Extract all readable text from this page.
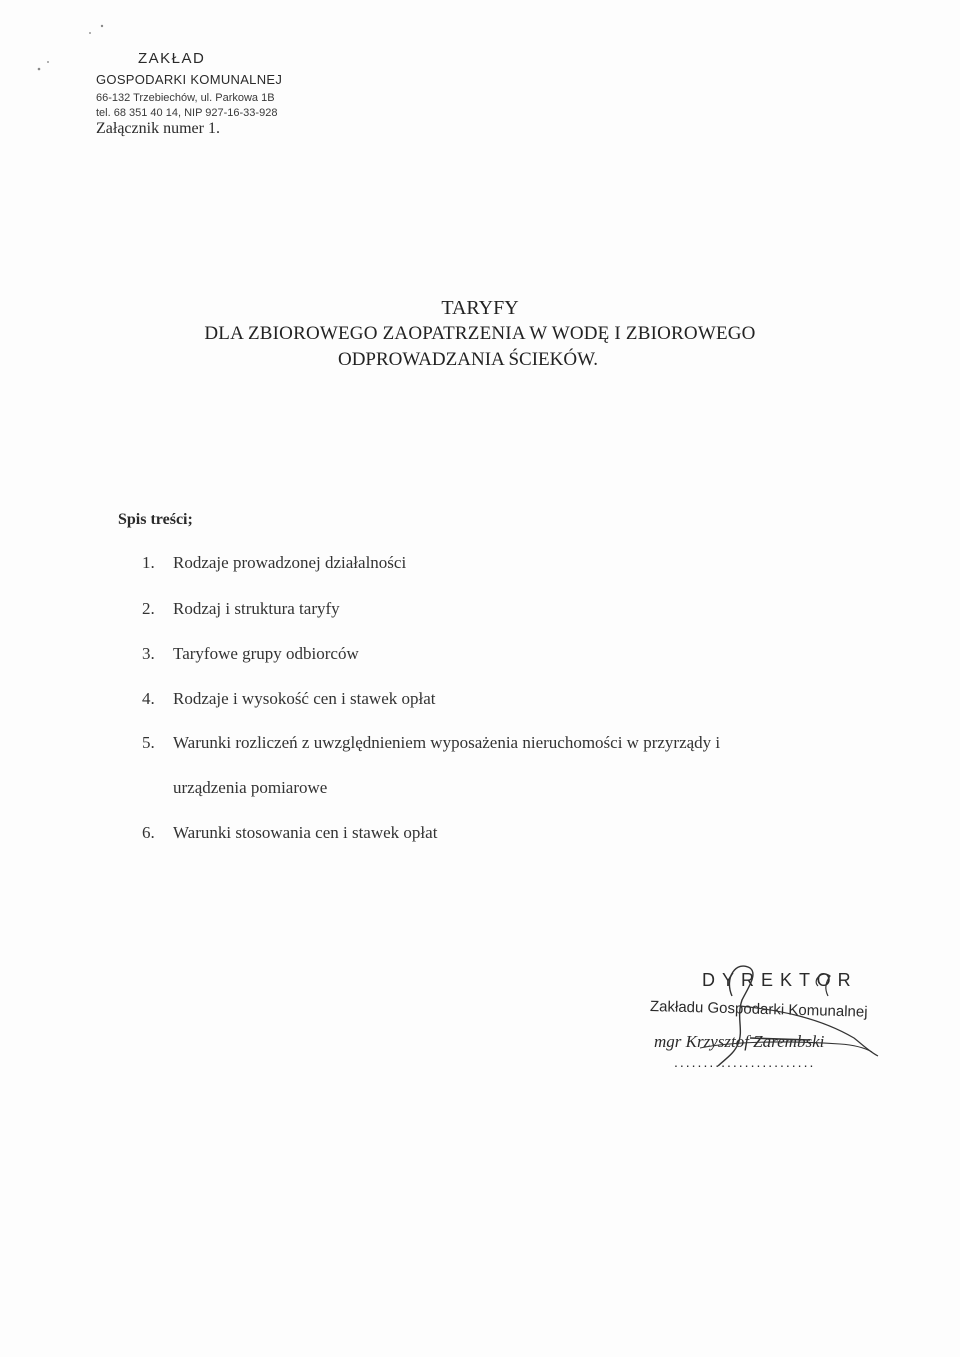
ZAKŁAD
GOSPODARKI KOMUNALNEJ
66-132 Trzebiechów, ul. Parkowa 1B
tel. 68 351 40 14, NIP 927-16-33-928
Załącznik numer 1.
TARYFY
DLA ZBIOROWEGO ZAOPATRZENIA W WODĘ I ZBIOROWEGO
ODPROWADZANIA ŚCIEKÓW.
Spis treści;
1. Rodzaje prowadzonej działalności
2. Rodzaj i struktura taryfy
3. Taryfowe grupy odbiorców
4. Rodzaje i wysokość cen i stawek opłat
5. Warunki rozliczeń z uwzględnieniem wyposażenia nieruchomości w przyrządy i
urządzenia pomiarowe
6. Warunki stosowania cen i stawek opłat
DYREKTOR
Zakładu Gospodarki Komunalnej
mgr Krzysztof Zarembski
........................
